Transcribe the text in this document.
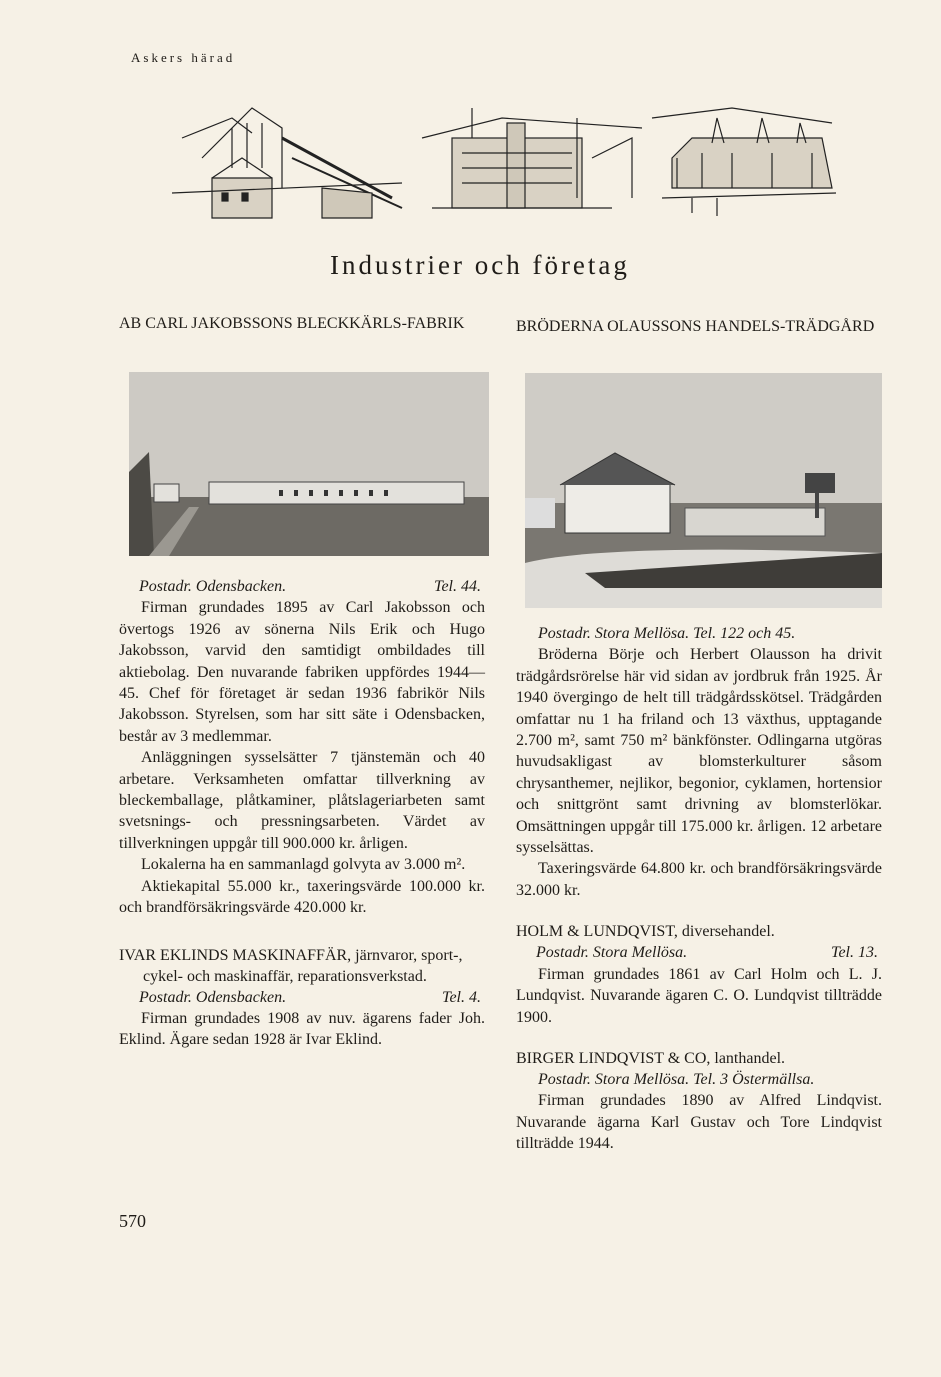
Askers härad
Industrier och företag
AB CARL JAKOBSSONS BLECKKÄRLS-FABRIK
Postadr. Odensbacken.	Tel. 44.

Firman grundades 1895 av Carl Jakobsson och övertogs 1926 av sönerna Nils Erik och Hugo Jakobsson, varvid den samtidigt ombildades till aktiebolag. Den nuvarande fabriken uppfördes 1944—45. Chef för företaget är sedan 1936 fabrikör Nils Jakobsson. Styrelsen, som har sitt säte i Odensbacken, består av 3 medlemmar.

Anläggningen sysselsätter 7 tjänstemän och 40 arbetare. Verksamheten omfattar tillverkning av bleckemballage, plåtkaminer, plåtslageriarbeten samt svetsnings- och pressningsarbeten. Värdet av tillverkningen uppgår till 900.000 kr. årligen.

Lokalerna ha en sammanlagd golvyta av 3.000 m².

Aktiekapital 55.000 kr., taxeringsvärde 100.000 kr. och brandförsäkringsvärde 420.000 kr.

IVAR EKLINDS MASKINAFFÄR, järnvaror, sport-, cykel- och maskinaffär, reparationsverkstad.
Postadr. Odensbacken.	Tel. 4.

Firman grundades 1908 av nuv. ägarens fader Joh. Eklind. Ägare sedan 1928 är Ivar Eklind.

BRÖDERNA OLAUSSONS HANDELS-TRÄDGÅRD
Postadr. Stora Mellösa. Tel. 122 och 45.

Bröderna Börje och Herbert Olausson ha drivit trädgårdsrörelse här vid sidan av jordbruk från 1925. År 1940 övergingo de helt till trädgårdsskötsel. Trädgården omfattar nu 1 ha friland och 13 växthus, upptagande 2.700 m², samt 750 m² bänkfönster. Odlingarna utgöras huvudsakligast av blomsterkulturer såsom chrysanthemer, nejlikor, begonior, cyklamen, hortensior och snittgrönt samt drivning av blomsterlökar. Omsättningen uppgår till 175.000 kr. årligen. 12 arbetare sysselsättas.

Taxeringsvärde 64.800 kr. och brandförsäkringsvärde 32.000 kr.

HOLM & LUNDQVIST, diversehandel.
Postadr. Stora Mellösa.	Tel. 13.

Firman grundades 1861 av Carl Holm och L. J. Lundqvist. Nuvarande ägaren C. O. Lundqvist tillträdde 1900.

BIRGER LINDQVIST & CO, lanthandel.
Postadr. Stora Mellösa. Tel. 3 Östermällsa.

Firman grundades 1890 av Alfred Lindqvist. Nuvarande ägarna Karl Gustav och Tore Lindqvist tillträdde 1944.

570
